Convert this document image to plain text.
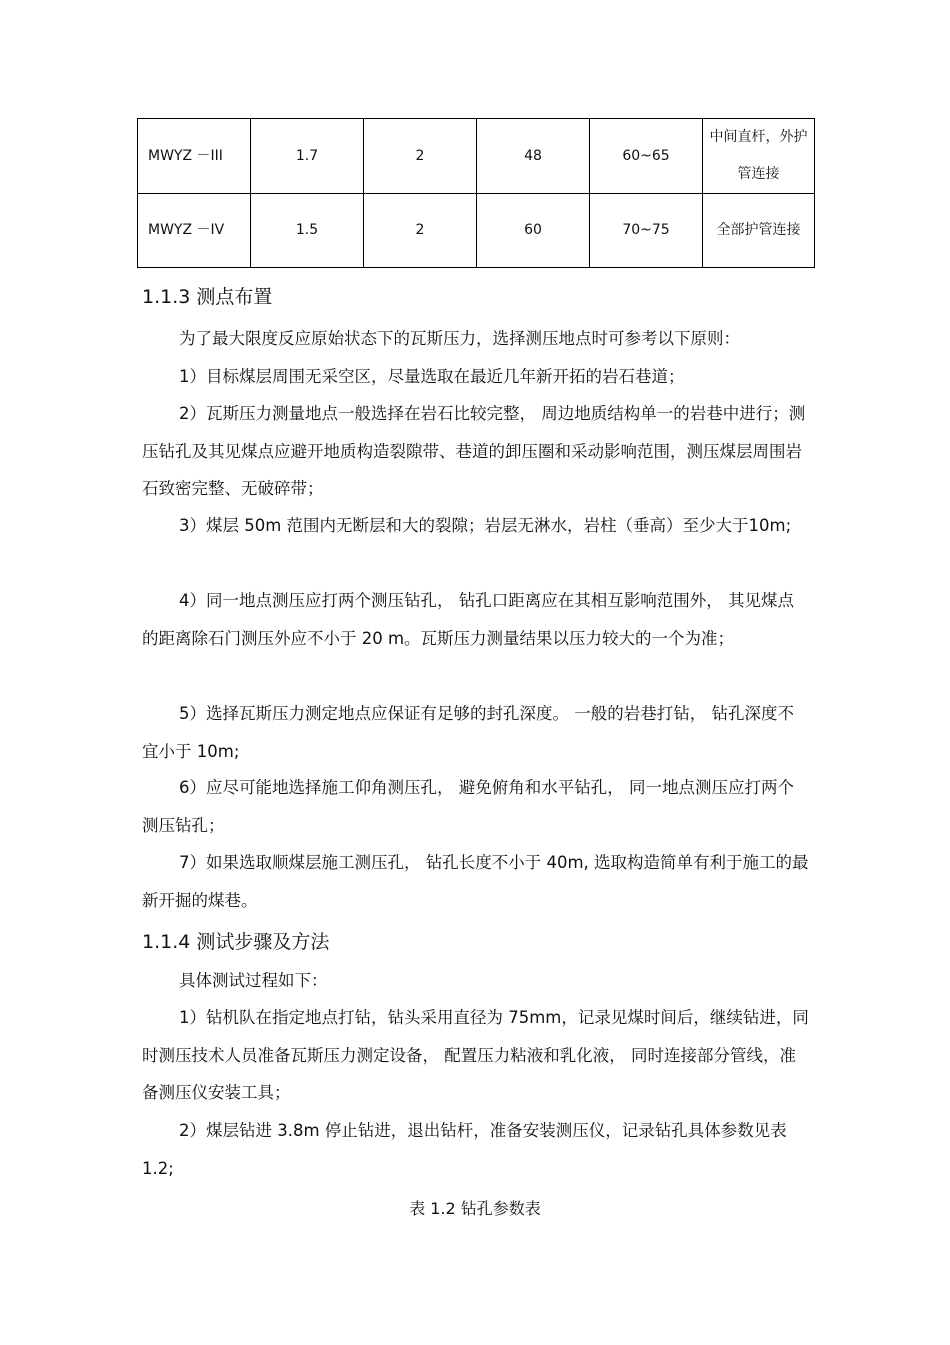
MWYZ －III	1.7	2	48	60~65	中间直杆，外护管连接
MWYZ －IV	1.5	2	60	70~75	全部护管连接
1.1.3 测点布置
为了最大限度反应原始状态下的瓦斯压力，选择测压地点时可参考以下原则：
1）目标煤层周围无采空区，尽量选取在最近几年新开拓的岩石巷道；
2）瓦斯压力测量地点一般选择在岩石比较完整， 周边地质结构单一的岩巷中进行；测压钻孔及其见煤点应避开地质构造裂隙带、巷道的卸压圈和采动影响范围，测压煤层周围岩石致密完整、无破碎带；
3）煤层 50m 范围内无断层和大的裂隙；岩层无淋水，岩柱（垂高）至少大于10m;
4）同一地点测压应打两个测压钻孔， 钻孔口距离应在其相互影响范围外， 其见煤点的距离除石门测压外应不小于 20 m。瓦斯压力测量结果以压力较大的一个为准；
5）选择瓦斯压力测定地点应保证有足够的封孔深度。 一般的岩巷打钻， 钻孔深度不宜小于 10m;
6）应尽可能地选择施工仰角测压孔， 避免俯角和水平钻孔， 同一地点测压应打两个测压钻孔；
7）如果选取顺煤层施工测压孔， 钻孔长度不小于 40m, 选取构造简单有利于施工的最新开掘的煤巷。
1.1.4 测试步骤及方法
具体测试过程如下：
1）钻机队在指定地点打钻，钻头采用直径为 75mm，记录见煤时间后，继续钻进，同时测压技术人员准备瓦斯压力测定设备， 配置压力粘液和乳化液， 同时连接部分管线，准备测压仪安装工具；
2）煤层钻进 3.8m 停止钻进，退出钻杆，准备安装测压仪，记录钻孔具体参数见表 1.2;
表 1.2 钻孔参数表
